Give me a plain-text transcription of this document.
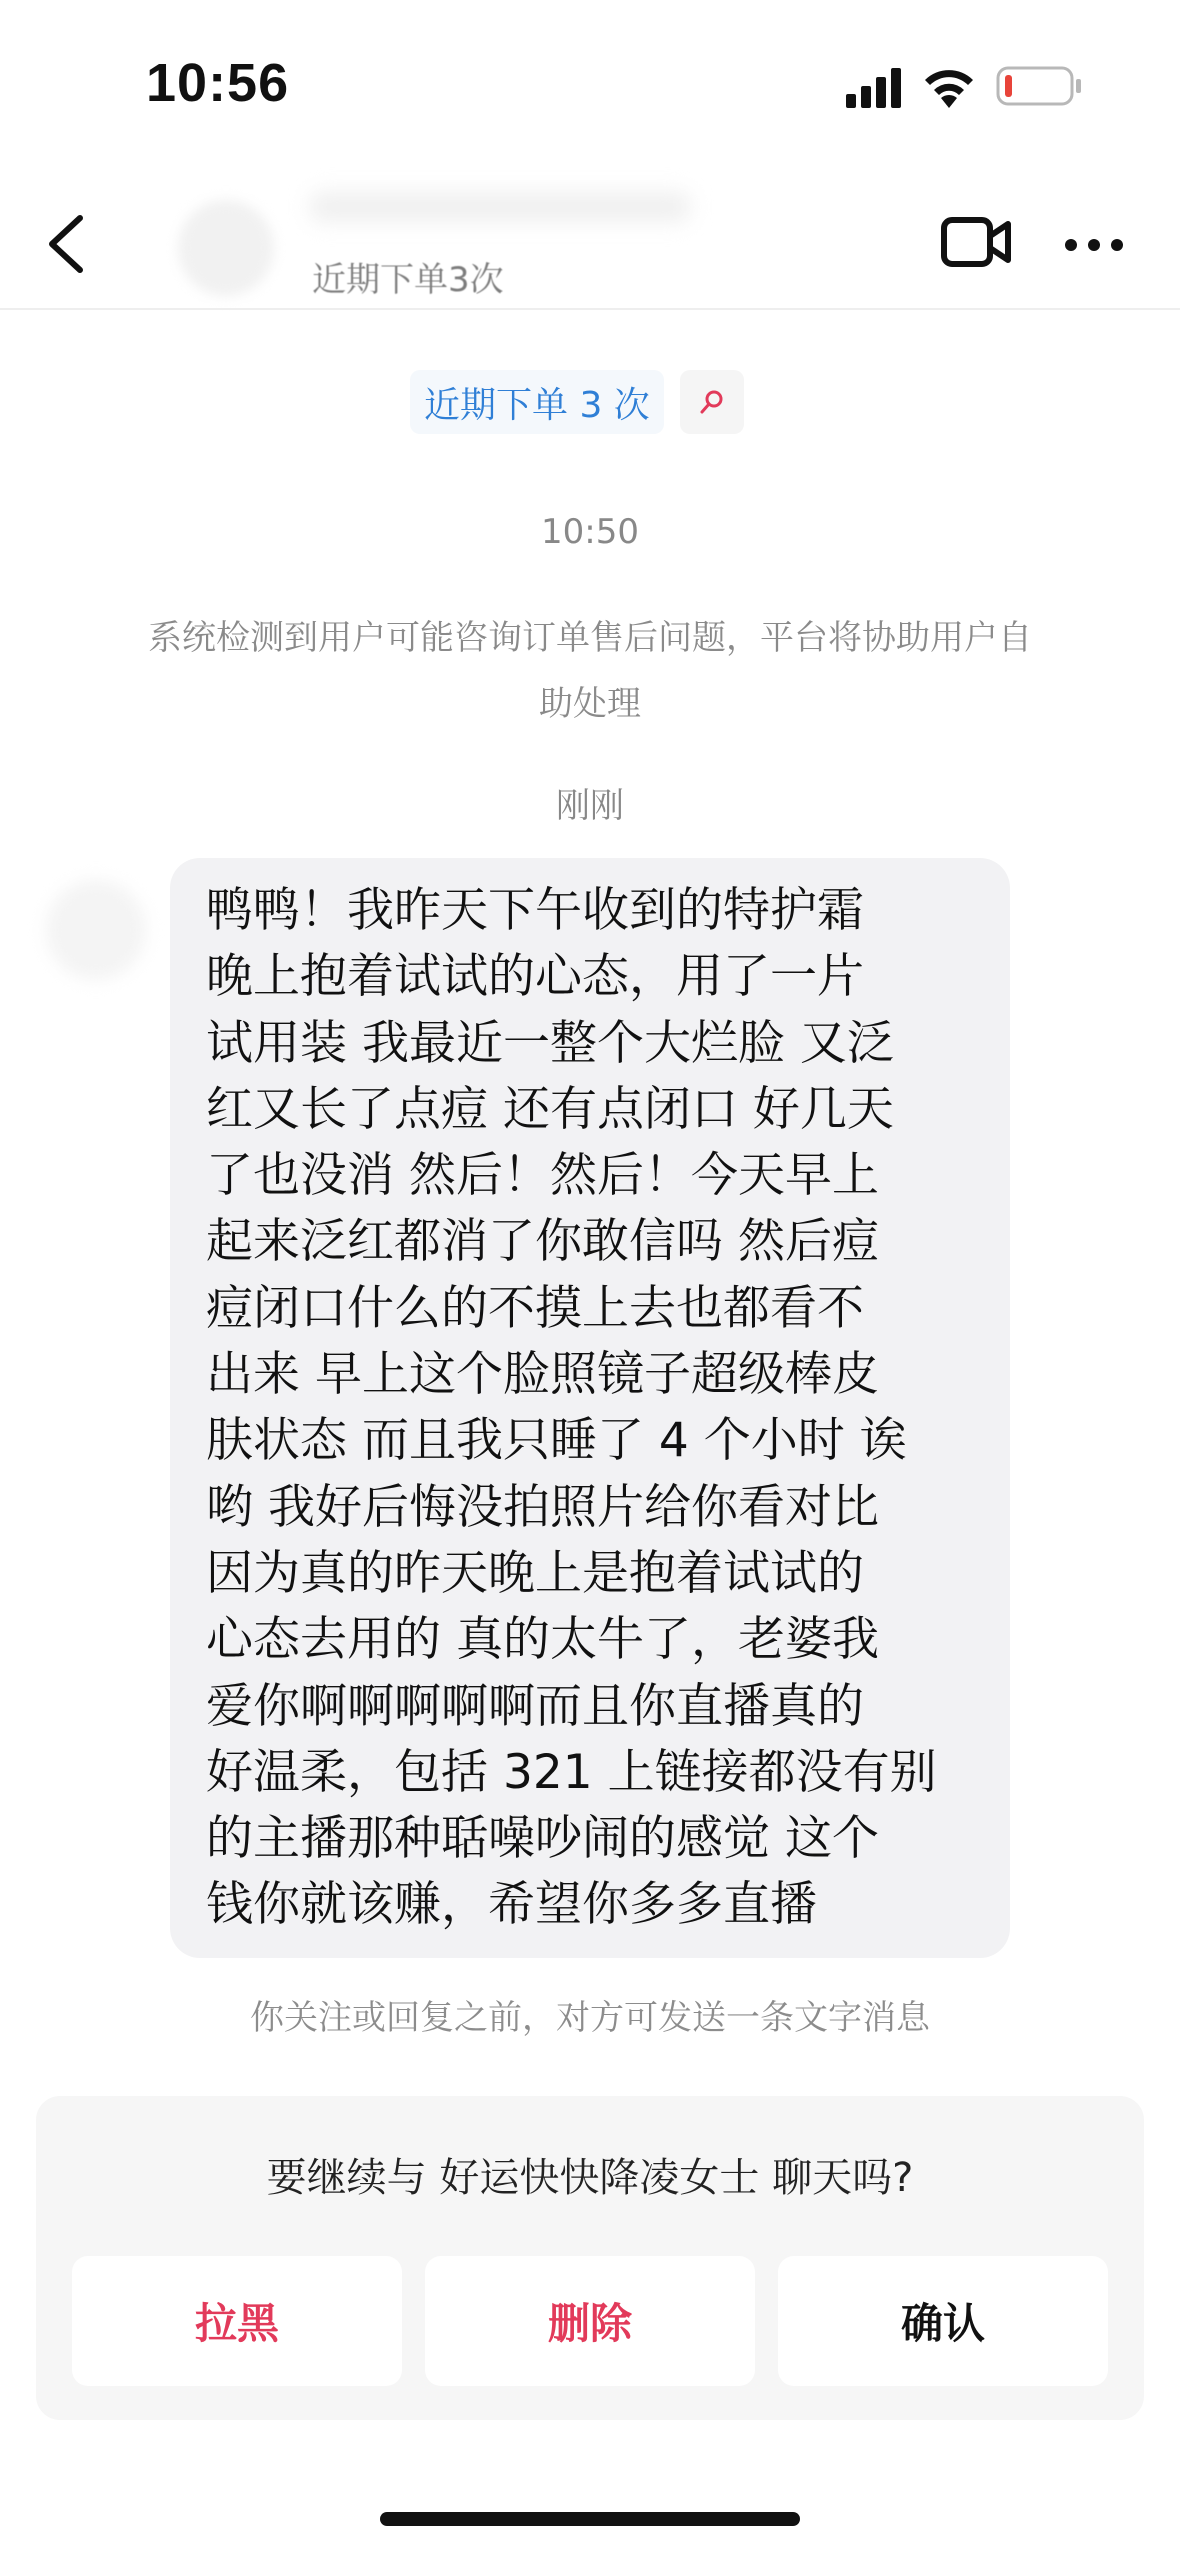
10:56
近期下单3次
近期下单 3 次
10:50
系统检测到用户可能咨询订单售后问题，平台将协助用户自助处理
刚刚
鸭鸭！我昨天下午收到的特护霜
晚上抱着试试的心态，用了一片
试用装 我最近一整个大烂脸 又泛
红又长了点痘 还有点闭口 好几天
了也没消 然后！然后！今天早上
起来泛红都消了你敢信吗 然后痘
痘闭口什么的不摸上去也都看不
出来 早上这个脸照镜子超级棒皮
肤状态 而且我只睡了 4 个小时 诶
哟 我好后悔没拍照片给你看对比
因为真的昨天晚上是抱着试试的
心态去用的 真的太牛了，老婆我
爱你啊啊啊啊啊而且你直播真的
好温柔，包括 321 上链接都没有别
的主播那种聒噪吵闹的感觉 这个
钱你就该赚，希望你多多直播
你关注或回复之前，对方可发送一条文字消息
要继续与 好运快快降凌女士 聊天吗?
拉黑	删除	确认
